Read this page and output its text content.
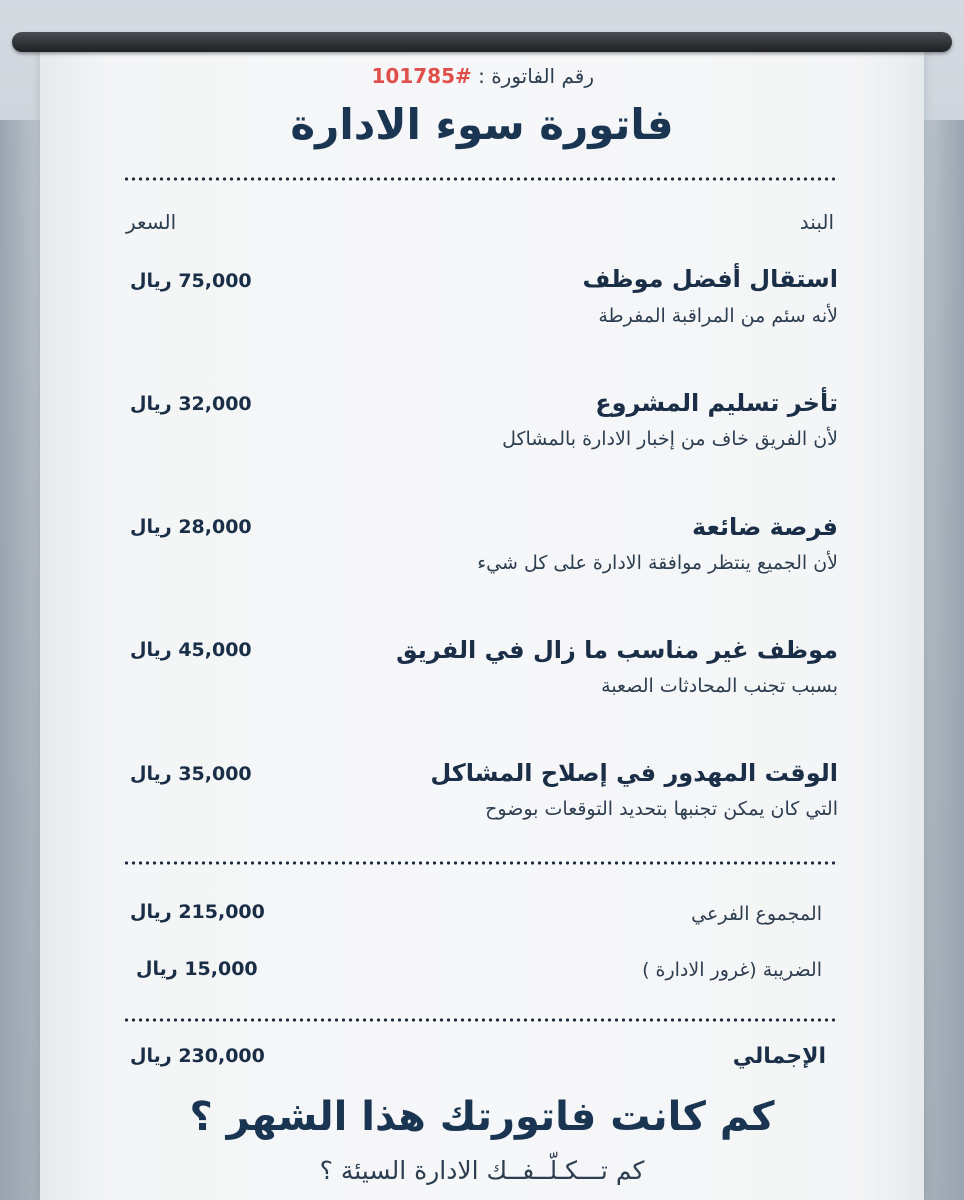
رقم الفاتورة : 101785#
فاتورة سوء الادارة
البند
السعر
استقال أفضل موظف
لأنه سئم من المراقبة المفرطة
75,000 ريال
تأخر تسليم المشروع
لأن الفريق خاف من إخبار الادارة بالمشاكل
32,000 ريال
فرصة ضائعة
لأن الجميع ينتظر موافقة الادارة على كل شيء
28,000 ريال
موظف غير مناسب ما زال في الفريق
بسبب تجنب المحادثات الصعبة
45,000 ريال
الوقت المهدور في إصلاح المشاكل
التي كان يمكن تجنبها بتحديد التوقعات بوضوح
35,000 ريال
المجموع الفرعي
215,000 ريال
الضريبة (غرور الادارة )
15,000 ريال
الإجمالي
230,000 ريال
كم كانت فاتورتك هذا الشهر ؟
كم تـــكـلّــفــك الادارة السيئة ؟
